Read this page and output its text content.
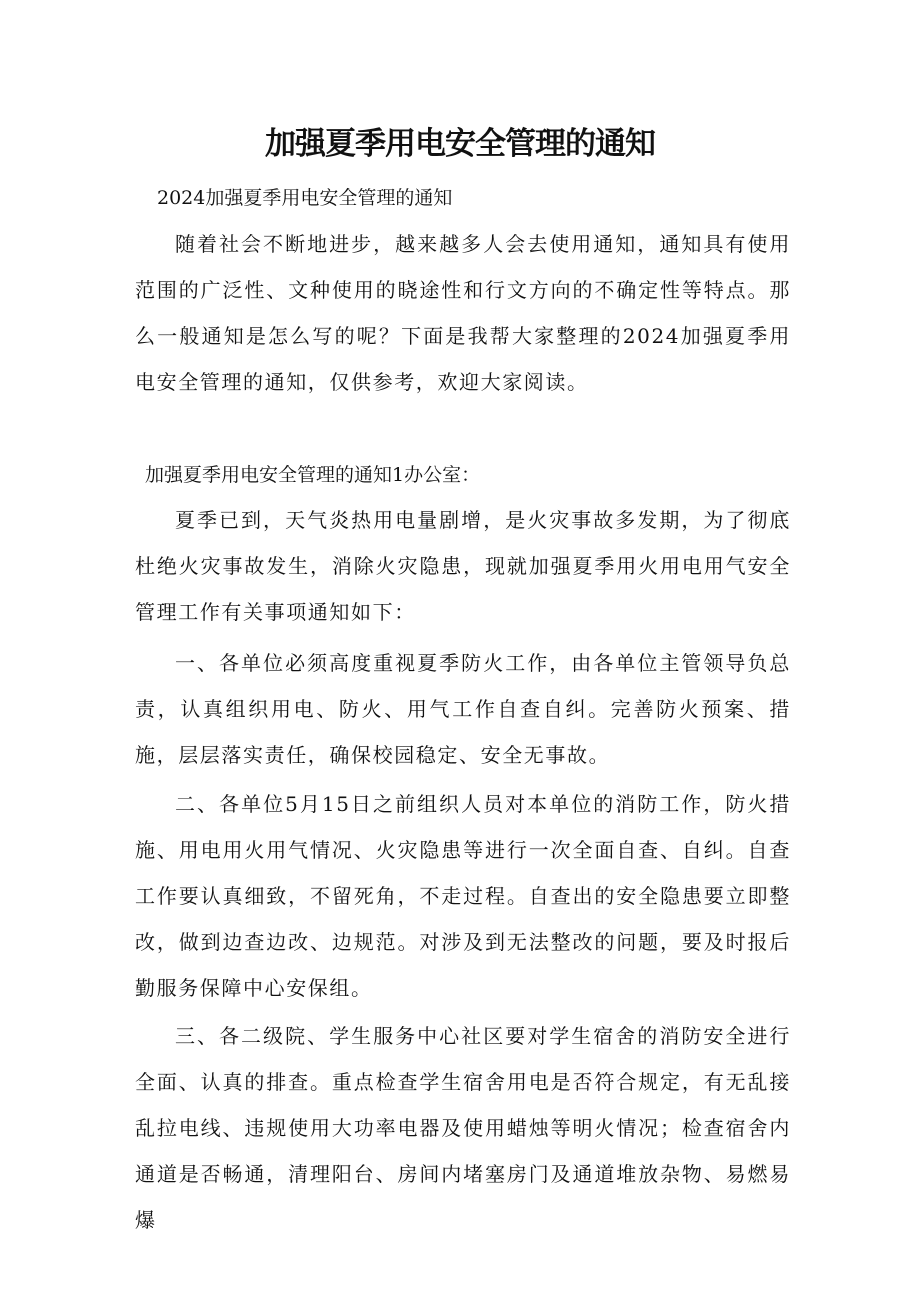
加强夏季用电安全管理的通知

2024加强夏季用电安全管理的通知

随着社会不断地进步，越来越多人会去使用通知，通知具有使用范围的广泛性、文种使用的晓途性和行文方向的不确定性等特点。那么一般通知是怎么写的呢？下面是我帮大家整理的2024加强夏季用电安全管理的通知，仅供参考，欢迎大家阅读。

加强夏季用电安全管理的通知1办公室：

夏季已到，天气炎热用电量剧增，是火灾事故多发期，为了彻底杜绝火灾事故发生，消除火灾隐患，现就加强夏季用火用电用气安全管理工作有关事项通知如下：

一、各单位必须高度重视夏季防火工作，由各单位主管领导负总责，认真组织用电、防火、用气工作自查自纠。完善防火预案、措施，层层落实责任，确保校园稳定、安全无事故。

二、各单位5月15日之前组织人员对本单位的消防工作，防火措施、用电用火用气情况、火灾隐患等进行一次全面自查、自纠。自查工作要认真细致，不留死角，不走过程。自查出的安全隐患要立即整改，做到边查边改、边规范。对涉及到无法整改的问题，要及时报后勤服务保障中心安保组。

三、各二级院、学生服务中心社区要对学生宿舍的消防安全进行全面、认真的排查。重点检查学生宿舍用电是否符合规定，有无乱接乱拉电线、违规使用大功率电器及使用蜡烛等明火情况；检查宿舍内通道是否畅通，清理阳台、房间内堵塞房门及通道堆放杂物、易燃易爆
